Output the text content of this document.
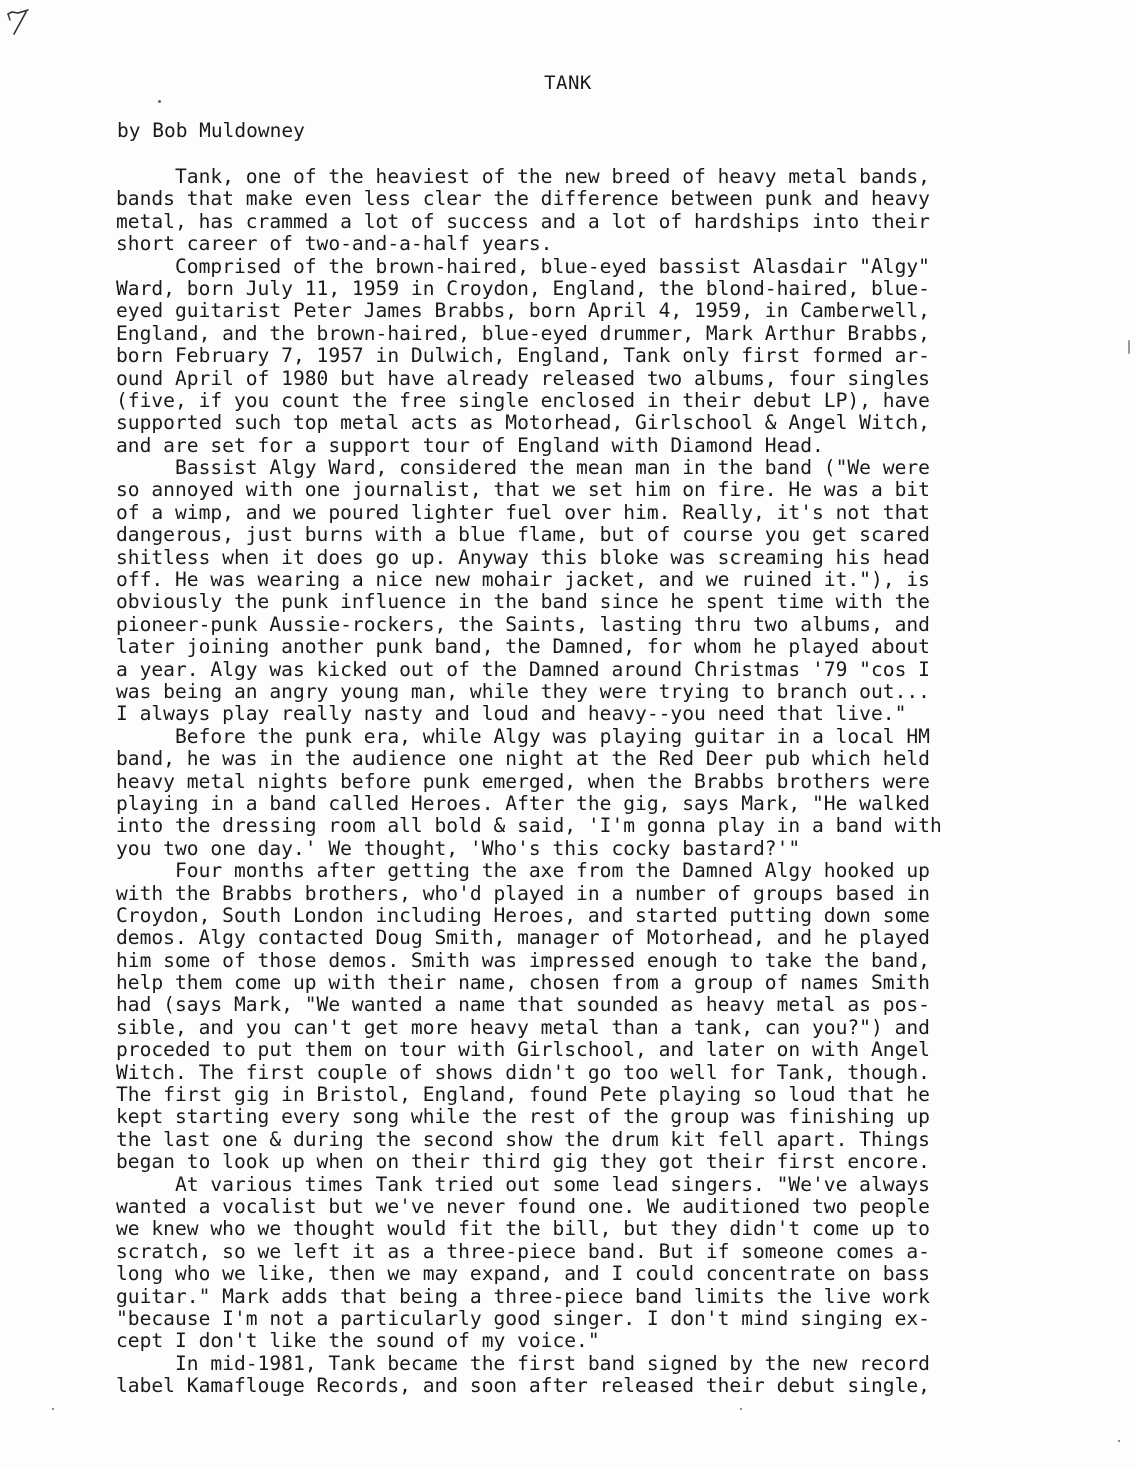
TANK

by Bob Muldowney

Tank, one of the heaviest of the new breed of heavy metal bands,
bands that make even less clear the difference between punk and heavy
metal, has crammed a lot of success and a lot of hardships into their
short career of two-and-a-half years.
Comprised of the brown-haired, blue-eyed bassist Alasdair "Algy"
Ward, born July 11, 1959 in Croydon, England, the blond-haired, blue-
eyed guitarist Peter James Brabbs, born April 4, 1959, in Camberwell,
England, and the brown-haired, blue-eyed drummer, Mark Arthur Brabbs,
born February 7, 1957 in Dulwich, England, Tank only first formed ar-
ound April of 1980 but have already released two albums, four singles
(five, if you count the free single enclosed in their debut LP), have
supported such top metal acts as Motorhead, Girlschool & Angel Witch,
and are set for a support tour of England with Diamond Head.
Bassist Algy Ward, considered the mean man in the band ("We were
so annoyed with one journalist, that we set him on fire. He was a bit
of a wimp, and we poured lighter fuel over him. Really, it's not that
dangerous, just burns with a blue flame, but of course you get scared
shitless when it does go up. Anyway this bloke was screaming his head
off. He was wearing a nice new mohair jacket, and we ruined it."), is
obviously the punk influence in the band since he spent time with the
pioneer-punk Aussie-rockers, the Saints, lasting thru two albums, and
later joining another punk band, the Damned, for whom he played about
a year. Algy was kicked out of the Damned around Christmas '79 "cos I
was being an angry young man, while they were trying to branch out...
I always play really nasty and loud and heavy--you need that live."
Before the punk era, while Algy was playing guitar in a local HM
band, he was in the audience one night at the Red Deer pub which held
heavy metal nights before punk emerged, when the Brabbs brothers were
playing in a band called Heroes. After the gig, says Mark, "He walked
into the dressing room all bold & said, 'I'm gonna play in a band with
you two one day.' We thought, 'Who's this cocky bastard?'"
Four months after getting the axe from the Damned Algy hooked up
with the Brabbs brothers, who'd played in a number of groups based in
Croydon, South London including Heroes, and started putting down some
demos. Algy contacted Doug Smith, manager of Motorhead, and he played
him some of those demos. Smith was impressed enough to take the band,
help them come up with their name, chosen from a group of names Smith
had (says Mark, "We wanted a name that sounded as heavy metal as pos-
sible, and you can't get more heavy metal than a tank, can you?") and
proceded to put them on tour with Girlschool, and later on with Angel
Witch. The first couple of shows didn't go too well for Tank, though.
The first gig in Bristol, England, found Pete playing so loud that he
kept starting every song while the rest of the group was finishing up
the last one & during the second show the drum kit fell apart. Things
began to look up when on their third gig they got their first encore.
At various times Tank tried out some lead singers. "We've always
wanted a vocalist but we've never found one. We auditioned two people
we knew who we thought would fit the bill, but they didn't come up to
scratch, so we left it as a three-piece band. But if someone comes a-
long who we like, then we may expand, and I could concentrate on bass
guitar." Mark adds that being a three-piece band limits the live work
"because I'm not a particularly good singer. I don't mind singing ex-
cept I don't like the sound of my voice."
In mid-1981, Tank became the first band signed by the new record
label Kamaflouge Records, and soon after released their debut single,
